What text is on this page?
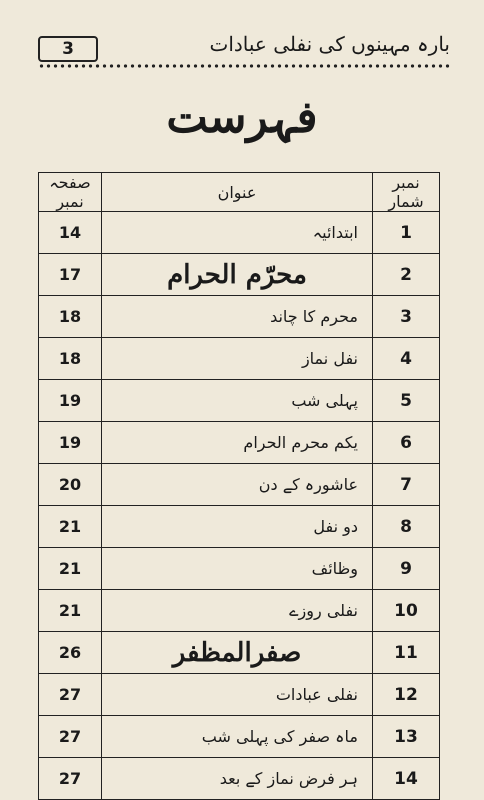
3	بارہ مہینوں کی نفلی عبادات
فہرست
نمبر شمار	عنوان	صفحہ نمبر
1	ابتدائیہ	14
2	محرّم الحرام	17
3	محرم کا چاند	18
4	نفل نماز	18
5	پہلی شب	19
6	یکم محرم الحرام	19
7	عاشورہ کے دن	20
8	دو نفل	21
9	وظائف	21
10	نفلی روزے	21
11	صفرالمظفر	26
12	نفلی عبادات	27
13	ماہ صفر کی پہلی شب	27
14	ہر فرض نماز کے بعد	27
